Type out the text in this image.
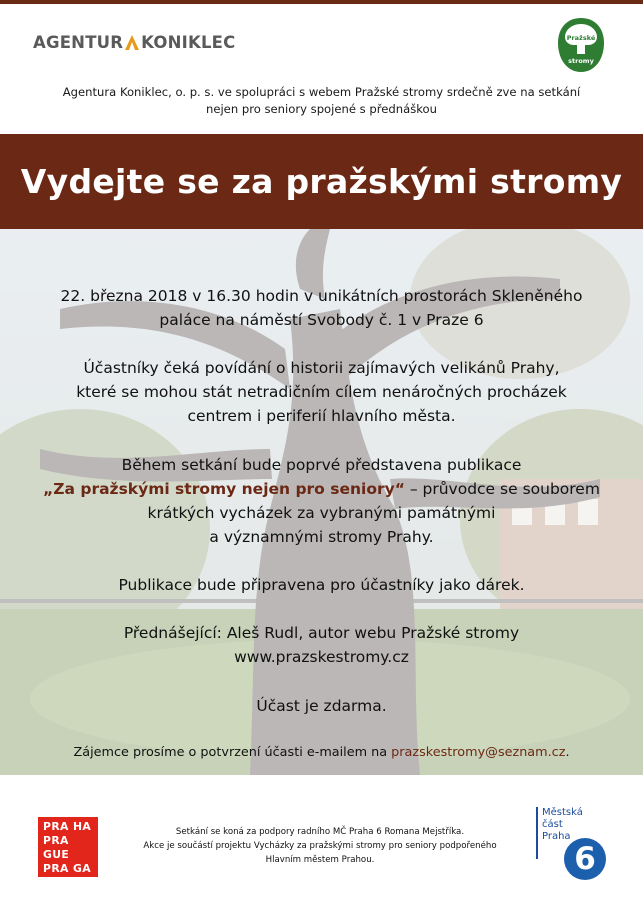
AGENTUR KONIKLEC	Pražské
stromy
Agentura Koniklec, o. p. s. ve spolupráci s webem Pražské stromy srdečně zve na setkání
nejen pro seniory spojené s přednáškou
Vydejte se za pražskými stromy

22. března 2018 v 16.30 hodin v unikátních prostorách Skleněného
paláce na náměstí Svobody č. 1 v Praze 6

Účastníky čeká povídání o historii zajímavých velikánů Prahy,
které se mohou stát netradičním cílem nenáročných procházek
centrem i periferií hlavního města.

Během setkání bude poprvé představena publikace
„Za pražskými stromy nejen pro seniory“ – průvodce se souborem
krátkých vycházek za vybranými památnými
a významnými stromy Prahy.

Publikace bude připravena pro účastníky jako dárek.

Přednášející: Aleš Rudl, autor webu Pražské stromy
www.prazskestromy.cz

Účast je zdarma.

Zájemce prosíme o potvrzení účasti e-mailem na prazskestromy@seznam.cz.

PRA HA
PRA GUE
PRA GA
PRA G
Setkání se koná za podpory radního MČ Praha 6 Romana Mejstříka.
Akce je součástí projektu Vycházky za pražskými stromy pro seniory podpořeného
Hlavním městem Prahou.
Městská
část
Praha
6
